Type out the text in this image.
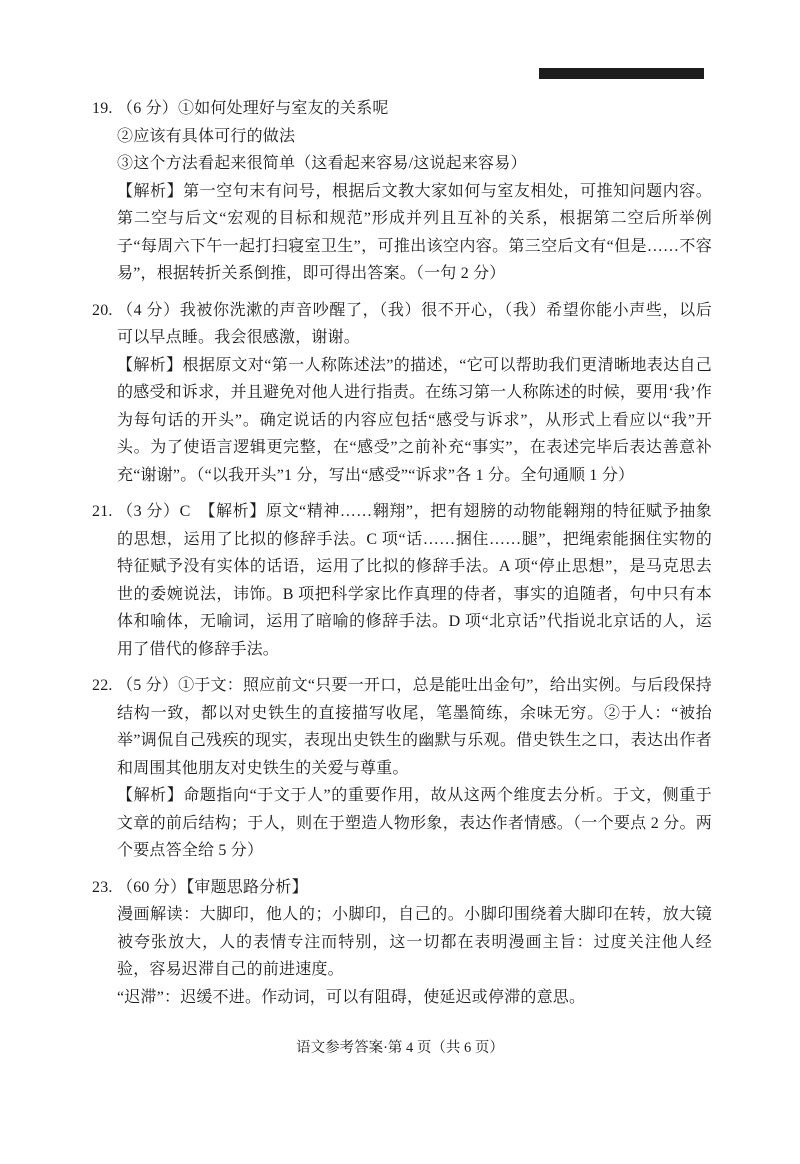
19. （6 分）①如何处理好与室友的关系呢

②应该有具体可行的做法

③这个方法看起来很简单（这看起来容易/这说起来容易）

【解析】第一空句末有问号，根据后文教大家如何与室友相处，可推知问题内容。第二空与后文“宏观的目标和规范”形成并列且互补的关系，根据第二空后所举例子“每周六下午一起打扫寝室卫生”，可推出该空内容。第三空后文有“但是……不容易”，根据转折关系倒推，即可得出答案。（一句 2 分）

20. （4 分）我被你洗漱的声音吵醒了，（我）很不开心，（我）希望你能小声些，以后可以早点睡。我会很感激，谢谢。

【解析】根据原文对“第一人称陈述法”的描述，“它可以帮助我们更清晰地表达自己的感受和诉求，并且避免对他人进行指责。在练习第一人称陈述的时候，要用‘我’作为每句话的开头”。确定说话的内容应包括“感受与诉求”，从形式上看应以“我”开头。为了使语言逻辑更完整，在“感受”之前补充“事实”，在表述完毕后表达善意补充“谢谢”。（“以我开头”1 分，写出“感受”“诉求”各 1 分。全句通顺 1 分）

21. （3 分）C　【解析】原文“精神……翱翔”，把有翅膀的动物能翱翔的特征赋予抽象的思想，运用了比拟的修辞手法。C 项“话……捆住……腿”，把绳索能捆住实物的特征赋予没有实体的话语，运用了比拟的修辞手法。A 项“停止思想”，是马克思去世的委婉说法，讳饰。B 项把科学家比作真理的侍者，事实的追随者，句中只有本体和喻体，无喻词，运用了暗喻的修辞手法。D 项“北京话”代指说北京话的人，运用了借代的修辞手法。

22. （5 分）①于文：照应前文“只要一开口，总是能吐出金句”，给出实例。与后段保持结构一致，都以对史铁生的直接描写收尾，笔墨简练，余味无穷。②于人：“被抬举”调侃自己残疾的现实，表现出史铁生的幽默与乐观。借史铁生之口，表达出作者和周围其他朋友对史铁生的关爱与尊重。

【解析】命题指向“于文于人”的重要作用，故从这两个维度去分析。于文，侧重于文章的前后结构；于人，则在于塑造人物形象，表达作者情感。（一个要点 2 分。两个要点答全给 5 分）

23. （60 分）【审题思路分析】

漫画解读：大脚印，他人的；小脚印，自己的。小脚印围绕着大脚印在转，放大镜被夸张放大，人的表情专注而特别，这一切都在表明漫画主旨：过度关注他人经验，容易迟滞自己的前进速度。

“迟滞”：迟缓不进。作动词，可以有阻碍，使延迟或停滞的意思。

语文参考答案·第 4 页（共 6 页）
